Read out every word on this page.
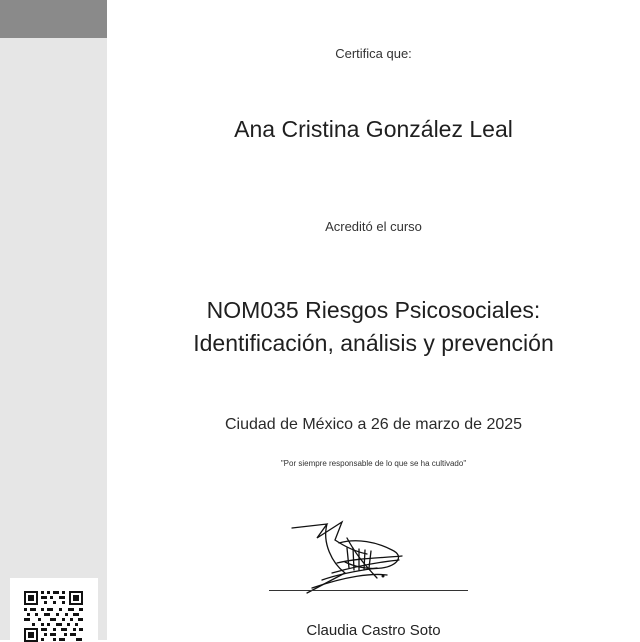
Certifica que:
Ana Cristina González Leal
Acreditó el curso
NOM035 Riesgos Psicosociales:
Identificación, análisis y prevención
Ciudad de México a 26 de marzo de 2025
"Por siempre responsable de lo que se ha cultivado"
Claudia Castro Soto
